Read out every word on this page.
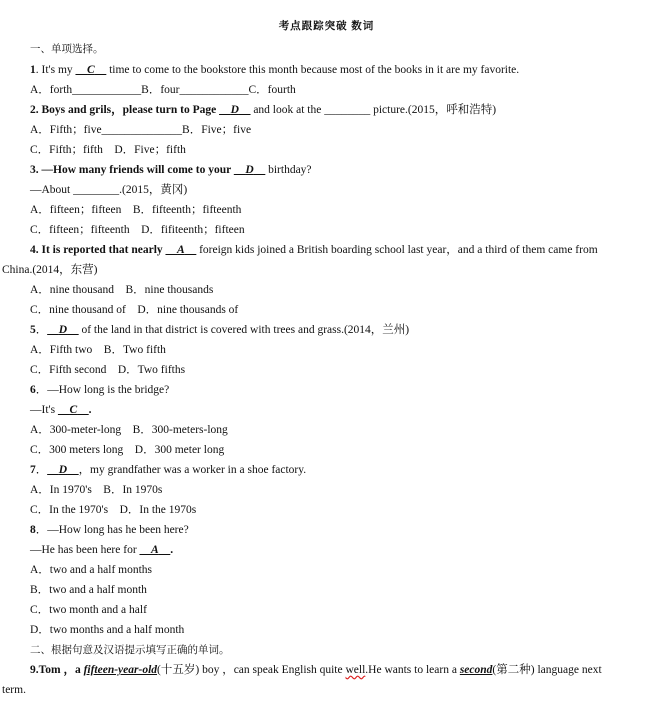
考点跟踪突破 数词
一、单项选择。
1. It's my __C__ time to come to the bookstore this month because most of the books in it are my favorite.
A．forth____________B．four____________C．fourth
2. Boys and grils，please turn to Page __D__ and look at the ________ picture.(2015，呼和浩特)
A．Fifth；five______________B．Five；five
C．Fifth；fifth　D．Five；fifth
3. —How many friends will come to your __D__ birthday?
—About ________.(2015，黄冈)
A．fifteen；fifteen　B．fifteenth；fifteenth
C．fifteen；fifteenth　D．fifiteenth；fifteen
4. It is reported that nearly __A__ foreign kids joined a British boarding school last year，and a third of them came from
China.(2014，东营)
A．nine thousand　B．nine thousands
C．nine thousand of　D．nine thousands of
5．__D__ of the land in that district is covered with trees and grass.(2014，兰州)
A．Fifth two　B．Two fifth
C．Fifth second　D．Two fifths
6．—How long is the bridge?
—It's __C__.
A．300-meter-long　B．300-meters-long
C．300 meters long　D．300 meter long
7．__D__，my grandfather was a worker in a shoe factory.
A．In 1970's　B．In 1970s
C．In the 1970's　D．In the 1970s
8．—How long has he been here?
—He has been here for __A__.
A．two and a half months
B．two and a half month
C．two month and a half
D．two months and a half month
二、根据句意及汉语提示填写正确的单词。
9.Tom ，a fifteen-year-old(十五岁) boy ，can speak English quite well.He wants to learn a second(第二种) language next
term.
